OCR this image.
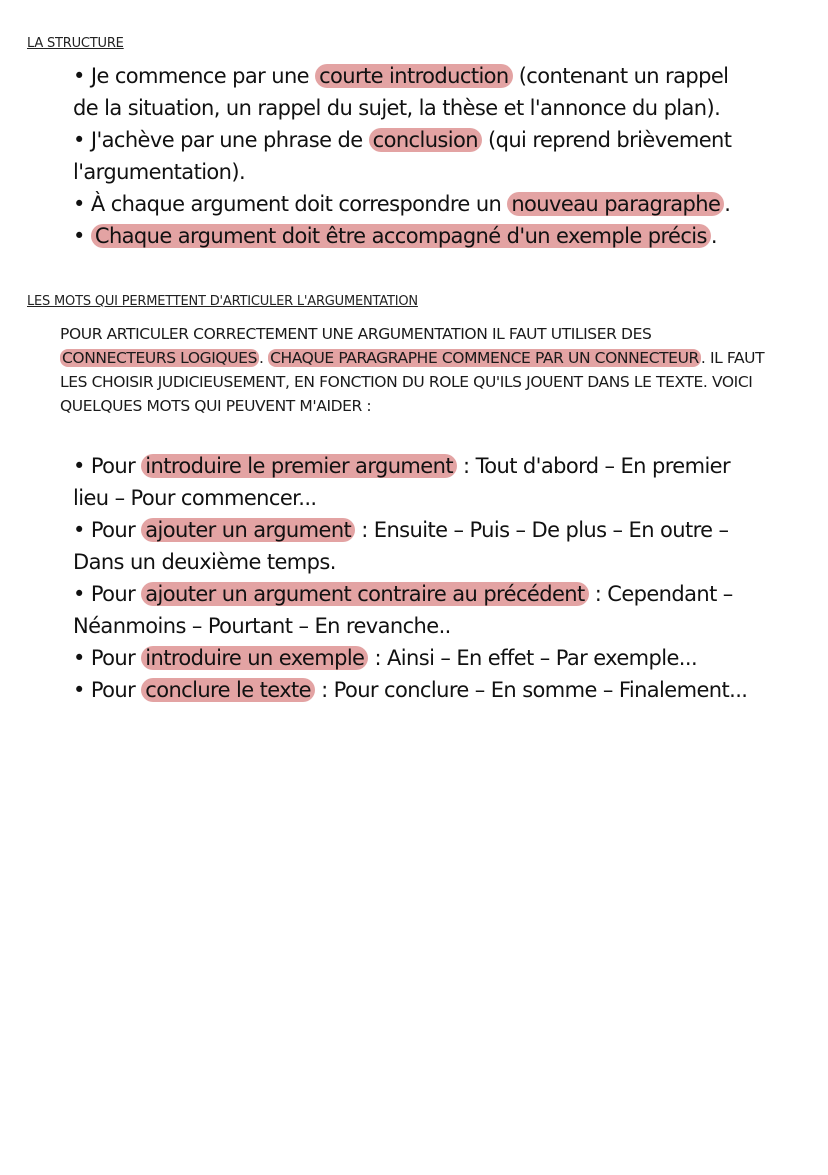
LA STRUCTURE
• Je commence par une courte introduction (contenant un rappel
de la situation, un rappel du sujet, la thèse et l'annonce du plan).
• J'achève par une phrase de conclusion (qui reprend brièvement
l'argumentation).
• À chaque argument doit correspondre un nouveau paragraphe .
• Chaque argument doit être accompagné d'un exemple précis .
LES MOTS QUI PERMETTENT D'ARTICULER L'ARGUMENTATION
POUR ARTICULER CORRECTEMENT UNE ARGUMENTATION IL FAUT UTILISER DES
CONNECTEURS LOGIQUES . CHAQUE PARAGRAPHE COMMENCE PAR UN CONNECTEUR . IL FAUT
LES CHOISIR JUDICIEUSEMENT, EN FONCTION DU ROLE QU'ILS JOUENT DANS LE TEXTE. VOICI
QUELQUES MOTS QUI PEUVENT M'AIDER :
• Pour introduire le premier argument : Tout d'abord – En premier
lieu – Pour commencer...
• Pour ajouter un argument : Ensuite – Puis – De plus – En outre –
Dans un deuxième temps.
• Pour ajouter un argument contraire au précédent : Cependant –
Néanmoins – Pourtant – En revanche..
• Pour introduire un exemple : Ainsi – En effet – Par exemple...
• Pour conclure le texte : Pour conclure – En somme – Finalement...
